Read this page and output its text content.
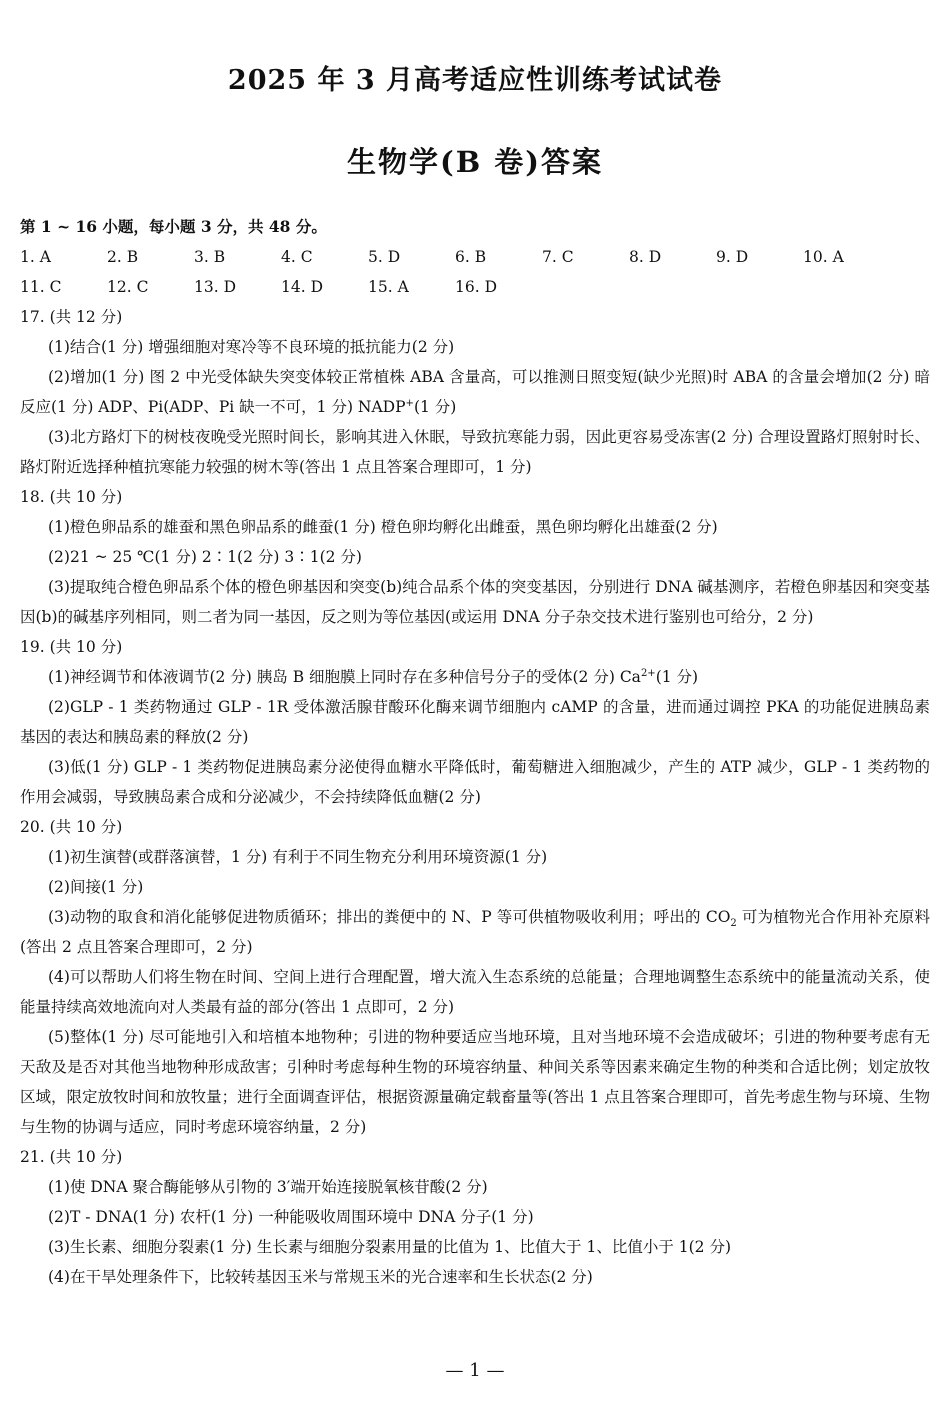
2025 年 3 月高考适应性训练考试试卷
生物学(B 卷)答案
第 1 ~ 16 小题，每小题 3 分，共 48 分。
1. A	2. B	3. B	4. C	5. D	6. B	7. C	8. D	9. D	10. A
11. C	12. C	13. D	14. D	15. A	16. D
17. (共 12 分)
(1)结合(1 分) 增强细胞对寒冷等不良环境的抵抗能力(2 分)
(2)增加(1 分) 图 2 中光受体缺失突变体较正常植株 ABA 含量高，可以推测日照变短(缺少光照)时 ABA 的含量会增加(2 分) 暗反应(1 分) ADP、Pi(ADP、Pi 缺一不可，1 分) NADP+(1 分)
(3)北方路灯下的树枝夜晚受光照时间长，影响其进入休眠，导致抗寒能力弱，因此更容易受冻害(2 分) 合理设置路灯照射时长、路灯附近选择种植抗寒能力较强的树木等(答出 1 点且答案合理即可，1 分)
18. (共 10 分)
(1)橙色卵品系的雄蚕和黑色卵品系的雌蚕(1 分) 橙色卵均孵化出雌蚕，黑色卵均孵化出雄蚕(2 分)
(2)21 ~ 25 ℃(1 分) 2∶1(2 分) 3∶1(2 分)
(3)提取纯合橙色卵品系个体的橙色卵基因和突变(b)纯合品系个体的突变基因，分别进行 DNA 碱基测序，若橙色卵基因和突变基因(b)的碱基序列相同，则二者为同一基因，反之则为等位基因(或运用 DNA 分子杂交技术进行鉴别也可给分，2 分)
19. (共 10 分)
(1)神经调节和体液调节(2 分) 胰岛 B 细胞膜上同时存在多种信号分子的受体(2 分) $Ca^{2+}(1$ 分)
(2)GLP - 1 类药物通过 GLP - 1R 受体激活腺苷酸环化酶来调节细胞内 cAMP 的含量，进而通过调控 PKA 的功能促进胰岛素基因的表达和胰岛素的释放(2 分)
(3)低(1 分) GLP - 1 类药物促进胰岛素分泌使得血糖水平降低时，葡萄糖进入细胞减少，产生的 ATP 减少，GLP - 1 类药物的作用会减弱，导致胰岛素合成和分泌减少，不会持续降低血糖(2 分)
20. (共 10 分)
(1)初生演替(或群落演替，1 分) 有利于不同生物充分利用环境资源(1 分)
(2)间接(1 分)
(3)动物的取食和消化能够促进物质循环；排出的粪便中的 N、P 等可供植物吸收利用；呼出的 $CO_2$ 可为植物光合作用补充原料(答出 2 点且答案合理即可，2 分)
(4)可以帮助人们将生物在时间、空间上进行合理配置，增大流入生态系统的总能量；合理地调整生态系统中的能量流动关系，使能量持续高效地流向对人类最有益的部分(答出 1 点即可，2 分)
(5)整体(1 分) 尽可能地引入和培植本地物种；引进的物种要适应当地环境，且对当地环境不会造成破坏；引进的物种要考虑有无天敌及是否对其他当地物种形成敌害；引种时考虑每种生物的环境容纳量、种间关系等因素来确定生物的种类和合适比例；划定放牧区域，限定放牧时间和放牧量；进行全面调查评估，根据资源量确定载畜量等(答出 1 点且答案合理即可，首先考虑生物与环境、生物与生物的协调与适应，同时考虑环境容纳量，2 分)
21. (共 10 分)
(1)使 DNA 聚合酶能够从引物的 3′端开始连接脱氧核苷酸(2 分)
(2)T - DNA(1 分) 农杆(1 分) 一种能吸收周围环境中 DNA 分子(1 分)
(3)生长素、细胞分裂素(1 分) 生长素与细胞分裂素用量的比值为 1、比值大于 1、比值小于 1(2 分)
(4)在干旱处理条件下，比较转基因玉米与常规玉米的光合速率和生长状态(2 分)
— 1 —
